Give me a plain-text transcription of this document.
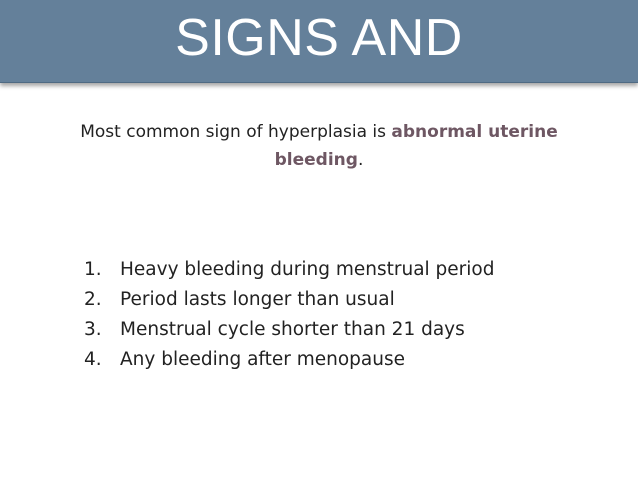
SIGNS AND
Most common sign of hyperplasia is abnormal uterine
bleeding.
1. Heavy bleeding during menstrual period
2. Period lasts longer than usual
3. Menstrual cycle shorter than 21 days
4. Any bleeding after menopause
